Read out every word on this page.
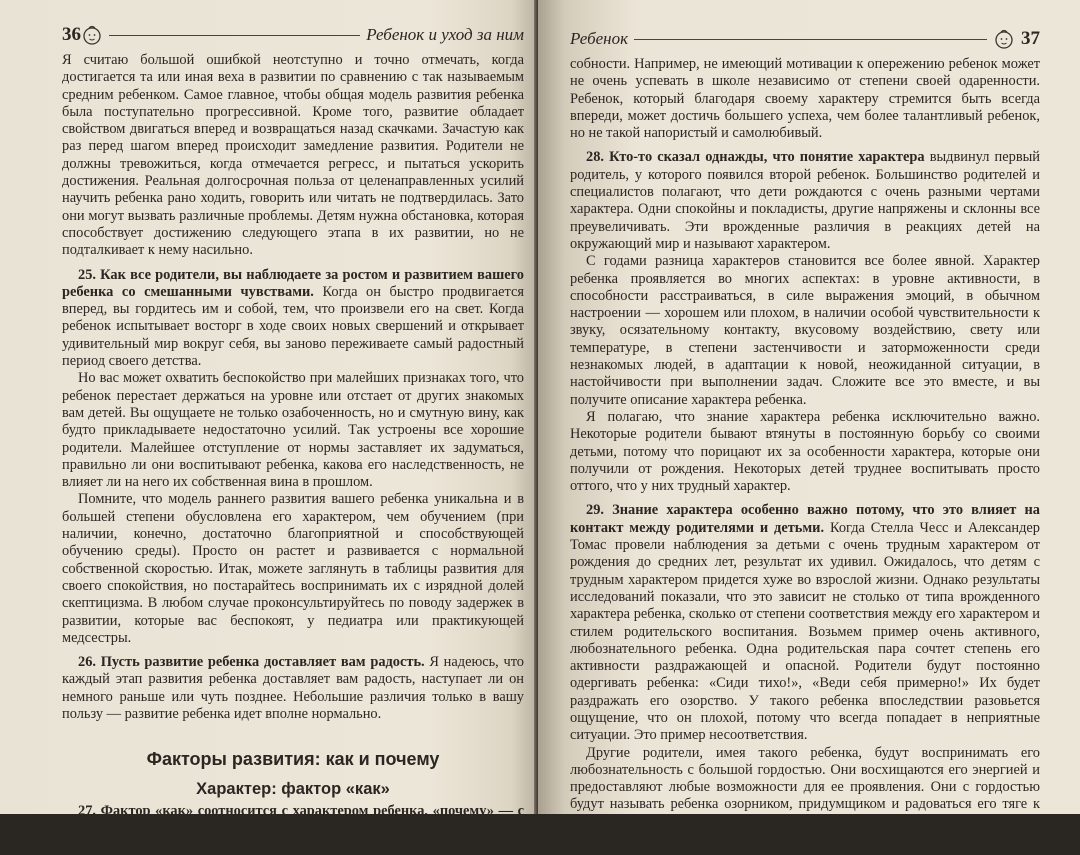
36	Ребенок и уход за ним

Я считаю большой ошибкой неотступно и точно отмечать, когда достигается та или иная веха в развитии по сравнению с так называемым средним ребенком. Самое главное, чтобы общая модель развития ребенка была поступательно прогрессивной. Кроме того, развитие обладает свойством двигаться вперед и возвращаться назад скачками. Зачастую как раз перед шагом вперед происходит замедление развития. Родители не должны тревожиться, когда отмечается регресс, и пытаться ускорить достижения. Реальная долгосрочная польза от целенаправленных усилий научить ребенка рано ходить, говорить или читать не подтвердилась. Зато они могут вызвать различные проблемы. Детям нужна обстановка, которая способствует достижению следующего этапа в их развитии, но не подталкивает к нему насильно.

25. Как все родители, вы наблюдаете за ростом и развитием вашего ребенка со смешанными чувствами. Когда он быстро продвигается вперед, вы гордитесь им и собой, тем, что произвели его на свет. Когда ребенок испытывает восторг в ходе своих новых свершений и открывает удивительный мир вокруг себя, вы заново переживаете самый радостный период своего детства.

Но вас может охватить беспокойство при малейших признаках того, что ребенок перестает держаться на уровне или отстает от других знакомых вам детей. Вы ощущаете не только озабоченность, но и смутную вину, как будто прикладываете недостаточно усилий. Так устроены все хорошие родители. Малейшее отступление от нормы заставляет их задуматься, правильно ли они воспитывают ребенка, какова его наследственность, не влияет ли на него их собственная вина в прошлом.

Помните, что модель раннего развития вашего ребенка уникальна и в большей степени обусловлена его характером, чем обучением (при наличии, конечно, достаточно благоприятной и способствующей обучению среды). Просто он растет и развивается с нормальной собственной скоростью. Итак, можете заглянуть в таблицы развития для своего спокойствия, но постарайтесь воспринимать их с изрядной долей скептицизма. В любом случае проконсультируйтесь по поводу задержек в развитии, которые вас беспокоят, у педиатра или практикующей медсестры.

26. Пусть развитие ребенка доставляет вам радость. Я надеюсь, что каждый этап развития ребенка доставляет вам радость, наступает ли он немного раньше или чуть позднее. Небольшие различия только в вашу пользу — развитие ребенка идет вполне нормально.

Факторы развития: как и почему
Характер: фактор «как»

27. Фактор «как» соотносится с характером ребенка, «почему» — с мотивацией его действий и поступков. В перспективе эти факторы развития, может быть, не менее важны, чем присущие ребенку спо-

Ребенок	37

собности. Например, не имеющий мотивации к опережению ребенок может не очень успевать в школе независимо от степени своей одаренности. Ребенок, который благодаря своему характеру стремится быть всегда впереди, может достичь большего успеха, чем более талантливый ребенок, но не такой напористый и самолюбивый.

28. Кто-то сказал однажды, что понятие характера выдвинул первый родитель, у которого появился второй ребенок. Большинство родителей и специалистов полагают, что дети рождаются с очень разными чертами характера. Одни спокойны и покладисты, другие напряжены и склонны все преувеличивать. Эти врожденные различия в реакциях детей на окружающий мир и называют характером.

С годами разница характеров становится все более явной. Характер ребенка проявляется во многих аспектах: в уровне активности, в способности расстраиваться, в силе выражения эмоций, в обычном настроении — хорошем или плохом, в наличии особой чувствительности к звуку, осязательному контакту, вкусовому воздействию, свету или температуре, в степени застенчивости и заторможенности среди незнакомых людей, в адаптации к новой, неожиданной ситуации, в настойчивости при выполнении задач. Сложите все это вместе, и вы получите описание характера ребенка.

Я полагаю, что знание характера ребенка исключительно важно. Некоторые родители бывают втянуты в постоянную борьбу со своими детьми, потому что порицают их за особенности характера, которые они получили от рождения. Некоторых детей труднее воспитывать просто оттого, что у них трудный характер.

29. Знание характера особенно важно потому, что это влияет на контакт между родителями и детьми. Когда Стелла Чесс и Александер Томас провели наблюдения за детьми с очень трудным характером от рождения до средних лет, результат их удивил. Ожидалось, что детям с трудным характером придется хуже во взрослой жизни. Однако результаты исследований показали, что это зависит не столько от типа врожденного характера ребенка, сколько от степени соответствия между его характером и стилем родительского воспитания. Возьмем пример очень активного, любознательного ребенка. Одна родительская пара сочтет степень его активности раздражающей и опасной. Родители будут постоянно одергивать ребенка: «Сиди тихо!», «Веди себя примерно!» Их будет раздражать его озорство. У такого ребенка впоследствии разовьется ощущение, что он плохой, потому что всегда попадает в неприятные ситуации. Это пример несоответствия.

Другие родители, имея такого ребенка, будут воспринимать его любознательность с большой гордостью. Они восхищаются его энергией и предоставляют любые возможности для ее проявления. Они с гордостью будут называть ребенка озорником, придумщиком и радоваться его тяге к приключениям. Такой ребенок вырастет с положи-
